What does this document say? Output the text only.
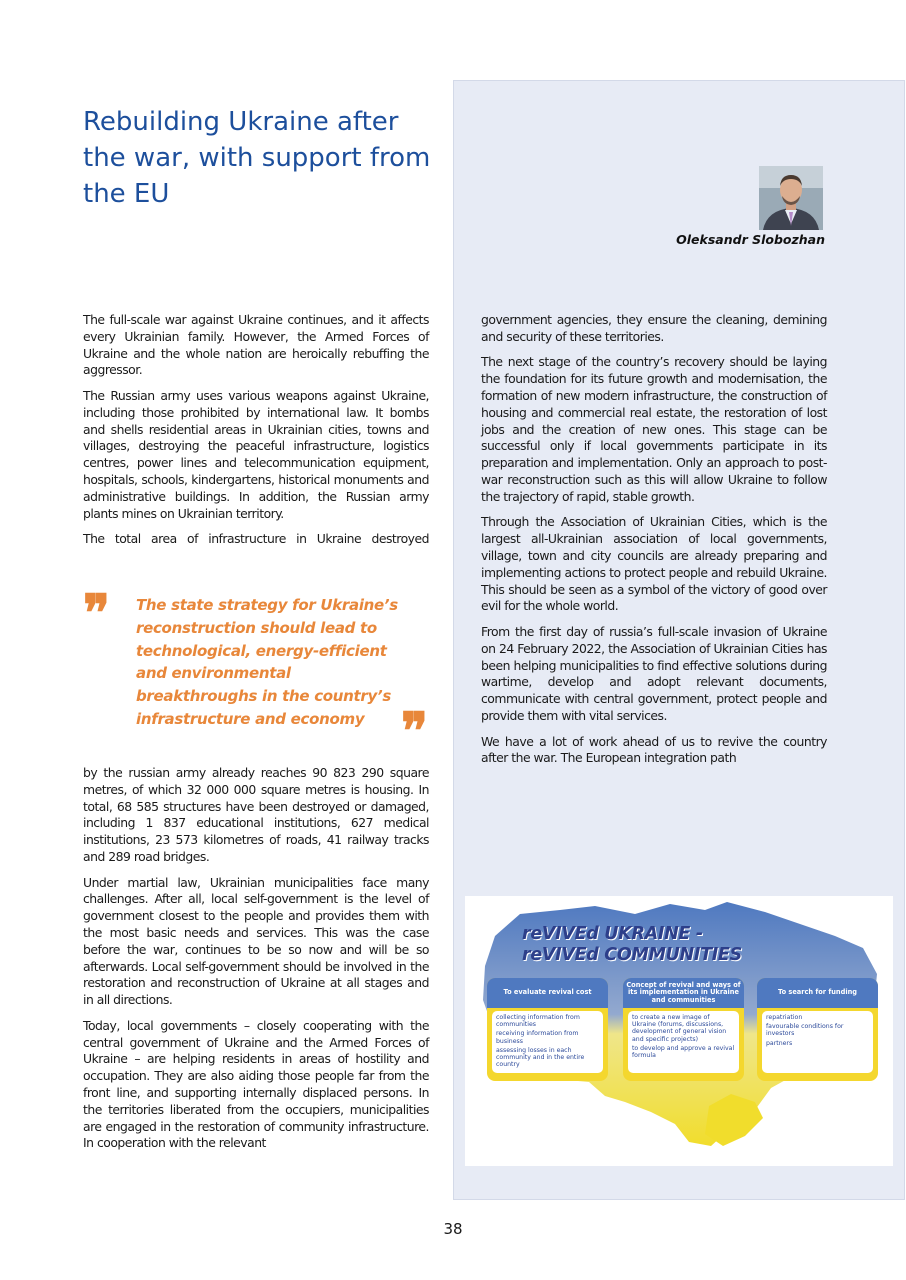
Rebuilding Ukraine after the war, with support from the EU

Oleksandr Slobozhan

The full-scale war against Ukraine continues, and it affects every Ukrainian family. However, the Armed Forces of Ukraine and the whole nation are heroically rebuffing the aggressor.

The Russian army uses various weapons against Ukraine, including those prohibited by international law. It bombs and shells residential areas in Ukrainian cities, towns and villages, destroying the peaceful infrastructure, logistics centres, power lines and telecommunication equipment, hospitals, schools, kindergartens, historical monuments and administrative buildings. In addition, the Russian army plants mines on Ukrainian territory.

The total area of infrastructure in Ukraine destroyed

❞ The state strategy for Ukraine’s reconstruction should lead to technological, energy-efficient and environmental breakthroughs in the country’s infrastructure and economy ❞

by the russian army already reaches 90 823 290 square metres, of which 32 000 000 square metres is housing. In total, 68 585 structures have been destroyed or damaged, including 1 837 educational institutions, 627 medical institutions, 23 573 kilometres of roads, 41 railway tracks and 289 road bridges.

Under martial law, Ukrainian municipalities face many challenges. After all, local self-government is the level of government closest to the people and provides them with the most basic needs and services. This was the case before the war, continues to be so now and will be so afterwards. Local self-government should be involved in the restoration and reconstruction of Ukraine at all stages and in all directions.

Today, local governments – closely cooperating with the central government of Ukraine and the Armed Forces of Ukraine – are helping residents in areas of hostility and occupation. They are also aiding those people far from the front line, and supporting internally displaced persons. In the territories liberated from the occupiers, municipalities are engaged in the restoration of community infrastructure. In cooperation with the relevant

government agencies, they ensure the cleaning, demining and security of these territories.

The next stage of the country’s recovery should be laying the foundation for its future growth and modernisation, the formation of new modern infrastructure, the construction of housing and commercial real estate, the restoration of lost jobs and the creation of new ones. This stage can be successful only if local governments participate in its preparation and implementation. Only an approach to post-war reconstruction such as this will allow Ukraine to follow the trajectory of rapid, stable growth.

Through the Association of Ukrainian Cities, which is the largest all-Ukrainian association of local governments, village, town and city councils are already preparing and implementing actions to protect people and rebuild Ukraine. This should be seen as a symbol of the victory of good over evil for the whole world.

From the first day of russia’s full-scale invasion of Ukraine on 24 February 2022, the Association of Ukrainian Cities has been helping municipalities to find effective solutions during wartime, develop and adopt relevant documents, communicate with central government, protect people and provide them with vital services.

We have a lot of work ahead of us to revive the country after the war. The European integration path

reVIVEd UKRAINE -
reVIVEd COMMUNITIES

To evaluate revival cost
collecting information from communities
receiving information from business
assessing losses in each community and in the entire country
Concept of revival and ways of its implementation in Ukraine and communities
to create a new image of Ukraine (forums, discussions, development of general vision and specific projects)
to develop and approve a revival formula
To search for funding
repatriation
favourable conditions for investors
partners

38
